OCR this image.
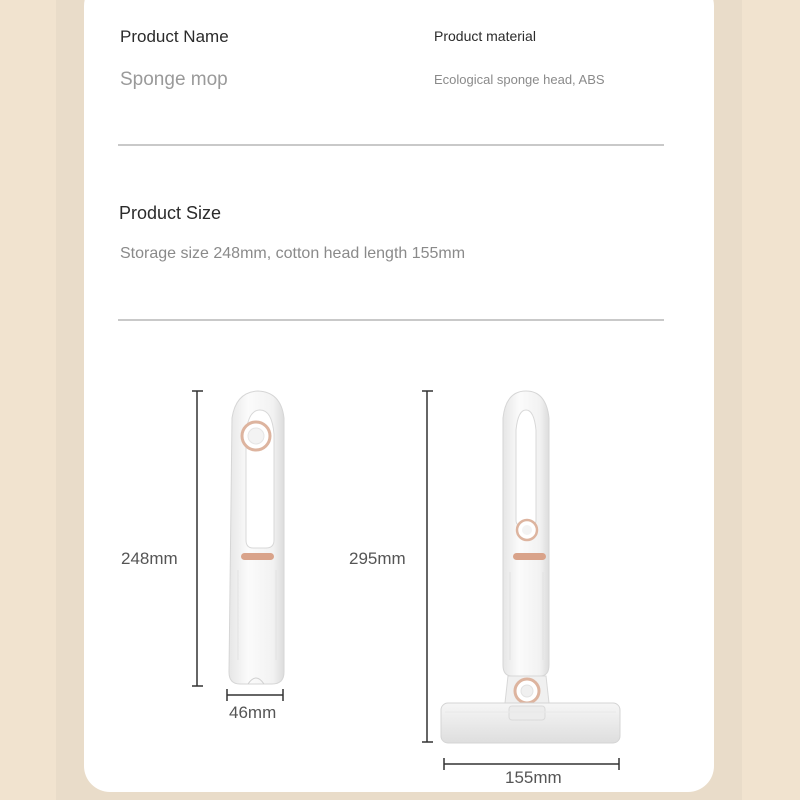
Product Name

Sponge mop

Product material

Ecological sponge head, ABS

Product Size

Storage size 248mm, cotton head length 155mm

248mm
46mm
295mm
155mm
